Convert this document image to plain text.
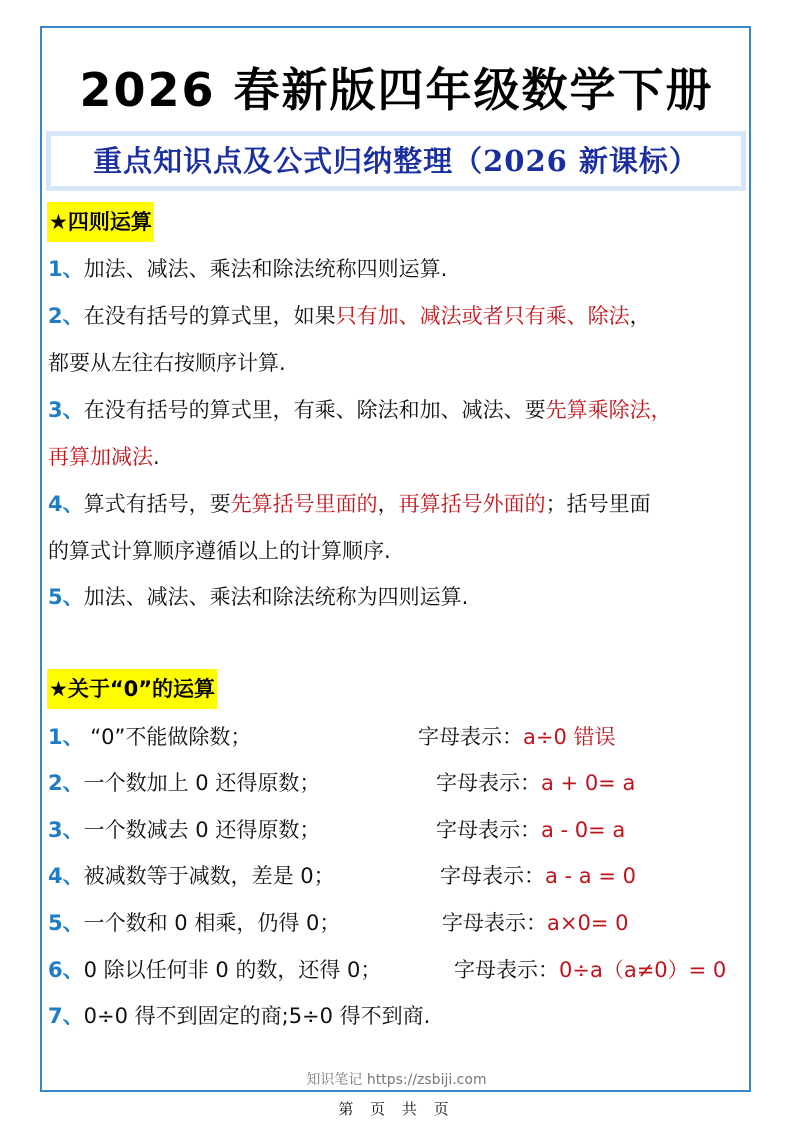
2026 春新版四年级数学下册
重点知识点及公式归纳整理（2026 新课标）
★四则运算
1、加法、减法、乘法和除法统称四则运算.
2、在没有括号的算式里，如果只有加、减法或者只有乘、除法，
都要从左往右按顺序计算.
3、在没有括号的算式里，有乘、除法和加、减法、要先算乘除法，
再算加减法.
4、算式有括号，要先算括号里面的，再算括号外面的；括号里面
的算式计算顺序遵循以上的计算顺序.
5、加法、减法、乘法和除法统称为四则运算.
★关于“0”的运算
1、 “0”不能做除数；	字母表示：a÷0 错误
2、一个数加上 0 还得原数；	字母表示：a + 0= a
3、一个数减去 0 还得原数；	字母表示：a - 0= a
4、被减数等于减数，差是 0；	字母表示：a - a = 0
5、一个数和 0 相乘，仍得 0；	字母表示：a×0= 0
6、0 除以任何非 0 的数，还得 0；	字母表示：0÷a（a≠0）= 0
7、0÷0 得不到固定的商;5÷0 得不到商.
知识笔记 https://zsbiji.com
第 页 共 页
